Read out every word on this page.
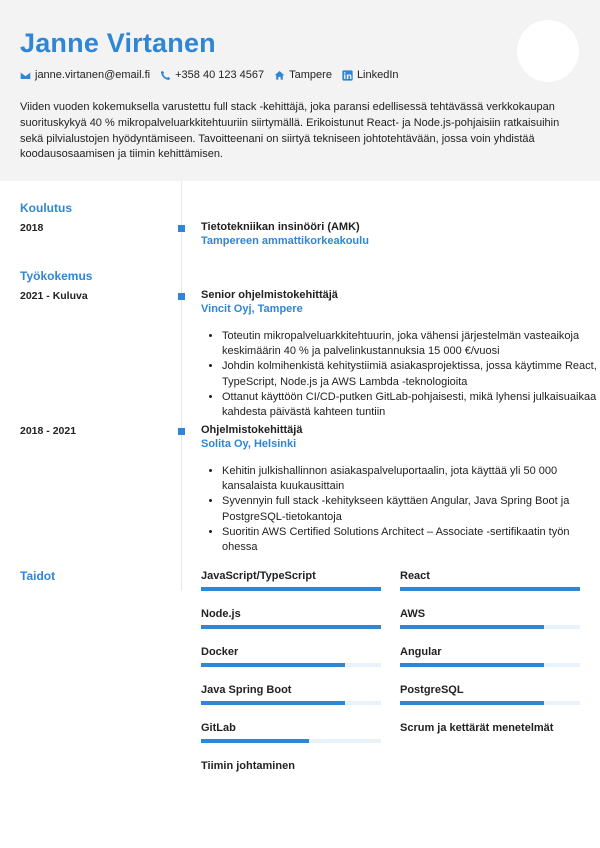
Janne Virtanen
janne.virtanen@email.fi +358 40 123 4567 Tampere LinkedIn
Viiden vuoden kokemuksella varustettu full stack -kehittäjä, joka paransi edellisessä tehtävässä verkkokaupan suorituskykyä 40 % mikropalveluarkkitehtuuriin siirtymällä. Erikoistunut React- ja Node.js-pohjaisiin ratkaisuihin sekä pilvialustojen hyödyntämiseen. Tavoitteenani on siirtyä tekniseen johtotehtävään, jossa voin yhdistää koodausosaamisen ja tiimin kehittämisen.
Koulutus
2018	Tietotekniikan insinööri (AMK)
Tampereen ammattikorkeakoulu
Työkokemus
2021 - Kuluva	Senior ohjelmistokehittäjä
Vincit Oyj, Tampere
• Toteutin mikropalveluarkkitehtuurin, joka vähensi järjestelmän vasteaikoja keskimäärin 40 % ja palvelinkustannuksia 15 000 €/vuosi
• Johdin kolmihenkistä kehitystiimiä asiakasprojektissa, jossa käytimme React, TypeScript, Node.js ja AWS Lambda -teknologioita
• Ottanut käyttöön CI/CD-putken GitLab-pohjaisesti, mikä lyhensi julkaisuaikaa kahdesta päivästä kahteen tuntiin
2018 - 2021	Ohjelmistokehittäjä
Solita Oy, Helsinki
• Kehitin julkishallinnon asiakaspalveluportaalin, jota käyttää yli 50 000 kansalaista kuukausittain
• Syvennyin full stack -kehitykseen käyttäen Angular, Java Spring Boot ja PostgreSQL-tietokantoja
• Suoritin AWS Certified Solutions Architect – Associate -sertifikaatin työn ohessa
Taidot	JavaScript/TypeScript	React
Node.js	AWS
Docker	Angular
Java Spring Boot	PostgreSQL
GitLab	Scrum ja kettärät menetelmät
Tiimin johtaminen
